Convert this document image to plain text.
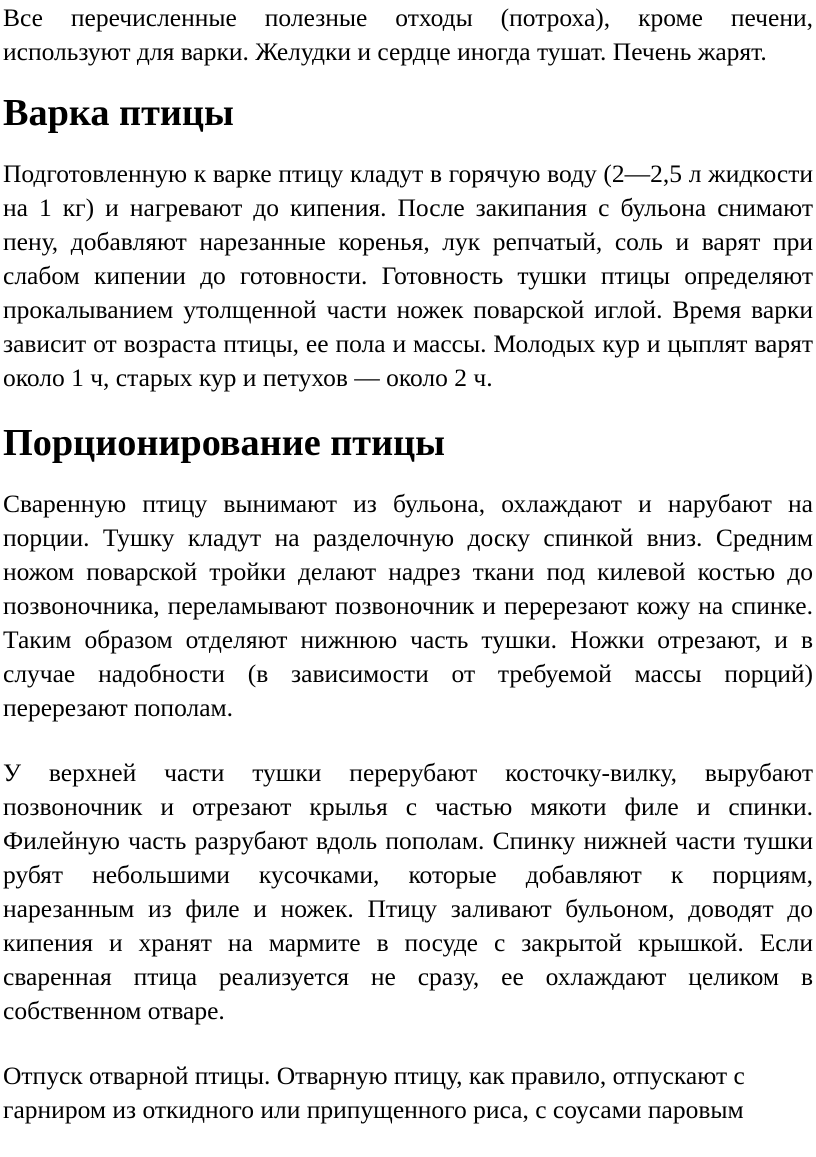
Все перечисленные полезные отходы (потроха), кроме печени, используют для варки. Желудки и сердце иногда тушат. Печень жарят.

Варка птицы

Подготовленную к варке птицу кладут в горячую воду (2—2,5 л жидкости на 1 кг) и нагревают до кипения. После закипания с бульона снимают пену, добавляют нарезанные коренья, лук репчатый, соль и варят при слабом кипении до готовности. Готовность тушки птицы определяют прокалыванием утолщенной части ножек поварской иглой. Время варки зависит от возраста птицы, ее пола и массы. Молодых кур и цыплят варят около 1 ч, старых кур и петухов — около 2 ч.

Порционирование птицы

Сваренную птицу вынимают из бульона, охлаждают и нарубают на порции. Тушку кладут на разделочную доску спинкой вниз. Средним ножом поварской тройки делают надрез ткани под килевой костью до позвоночника, переламывают позвоночник и перерезают кожу на спинке. Таким образом отделяют нижнюю часть тушки. Ножки отрезают, и в случае надобности (в зависимости от требуемой массы порций) перерезают пополам.

У верхней части тушки перерубают косточку-вилку, вырубают позвоночник и отрезают крылья с частью мякоти филе и спинки. Филейную часть разрубают вдоль пополам. Спинку нижней части тушки рубят небольшими кусочками, которые добавляют к порциям, нарезанным из филе и ножек. Птицу заливают бульоном, доводят до кипения и хранят на мармите в посуде с закрытой крышкой. Если сваренная птица реализуется не сразу, ее охлаждают целиком в собственном отваре.

Отпуск отварной птицы. Отварную птицу, как правило, отпускают с гарниром из откидного или припущенного риса, с соусами паровым
